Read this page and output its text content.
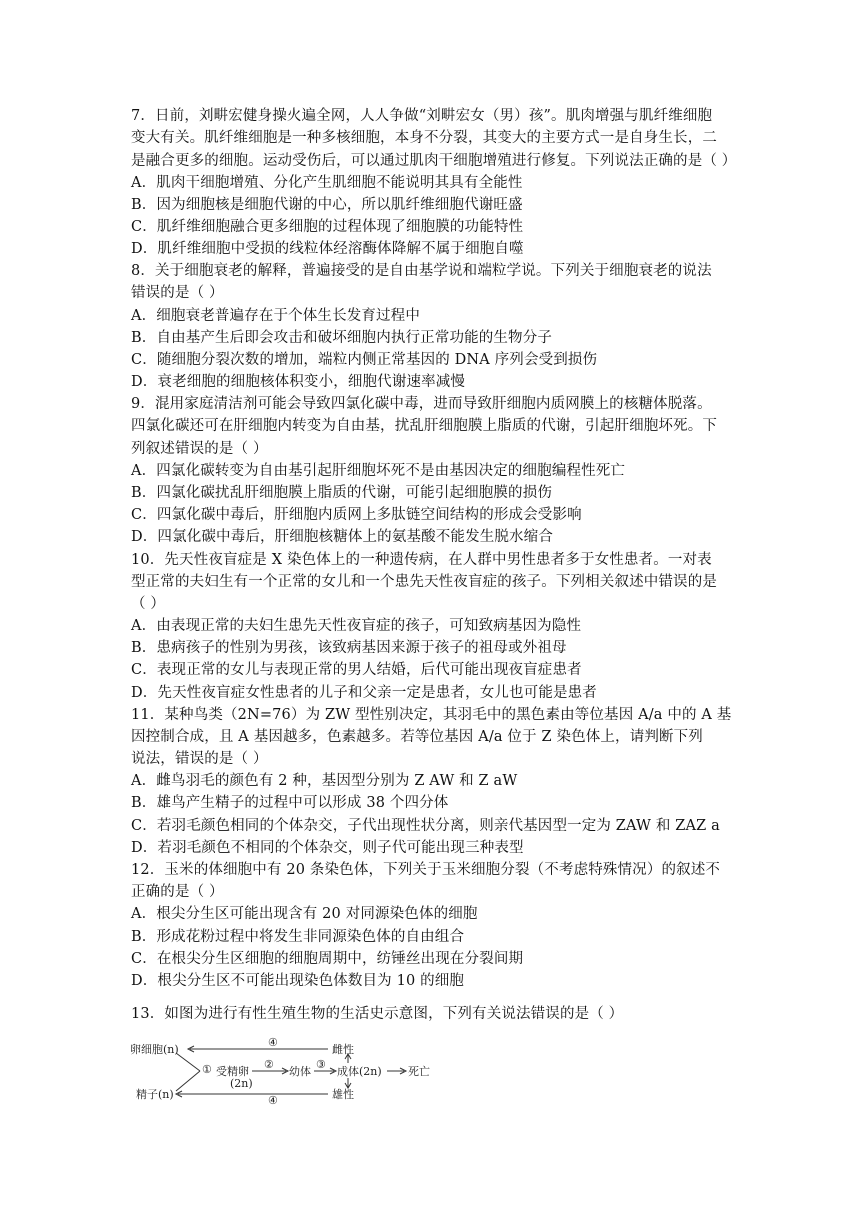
7．日前，刘畊宏健身操火遍全网，人人争做“刘畊宏女（男）孩”。肌肉增强与肌纤维细胞
变大有关。肌纤维细胞是一种多核细胞，本身不分裂，其变大的主要方式一是自身生长，二
是融合更多的细胞。运动受伤后，可以通过肌肉干细胞增殖进行修复。下列说法正确的是（ ）
A．肌肉干细胞增殖、分化产生肌细胞不能说明其具有全能性
B．因为细胞核是细胞代谢的中心，所以肌纤维细胞代谢旺盛
C．肌纤维细胞融合更多细胞的过程体现了细胞膜的功能特性
D．肌纤维细胞中受损的线粒体经溶酶体降解不属于细胞自噬
8．关于细胞衰老的解释，普遍接受的是自由基学说和端粒学说。下列关于细胞衰老的说法
错误的是（ ）
A．细胞衰老普遍存在于个体生长发育过程中
B．自由基产生后即会攻击和破坏细胞内执行正常功能的生物分子
C．随细胞分裂次数的增加，端粒内侧正常基因的 DNA 序列会受到损伤
D．衰老细胞的细胞核体积变小，细胞代谢速率减慢
9．混用家庭清洁剂可能会导致四氯化碳中毒，进而导致肝细胞内质网膜上的核糖体脱落。
四氯化碳还可在肝细胞内转变为自由基，扰乱肝细胞膜上脂质的代谢，引起肝细胞坏死。下
列叙述错误的是（ ）
A．四氯化碳转变为自由基引起肝细胞坏死不是由基因决定的细胞编程性死亡
B．四氯化碳扰乱肝细胞膜上脂质的代谢，可能引起细胞膜的损伤
C．四氯化碳中毒后，肝细胞内质网上多肽链空间结构的形成会受影响
D．四氯化碳中毒后，肝细胞核糖体上的氨基酸不能发生脱水缩合
10．先天性夜盲症是 X 染色体上的一种遗传病，在人群中男性患者多于女性患者。一对表
型正常的夫妇生有一个正常的女儿和一个患先天性夜盲症的孩子。下列相关叙述中错误的是
（ ）
A．由表现正常的夫妇生患先天性夜盲症的孩子，可知致病基因为隐性
B．患病孩子的性别为男孩，该致病基因来源于孩子的祖母或外祖母
C．表现正常的女儿与表现正常的男人结婚，后代可能出现夜盲症患者
D．先天性夜盲症女性患者的儿子和父亲一定是患者，女儿也可能是患者
11．某种鸟类（2N=76）为 ZW 型性别决定，其羽毛中的黑色素由等位基因 A/a 中的 A 基
因控制合成，且 A 基因越多，色素越多。若等位基因 A/a 位于 Z 染色体上，请判断下列
说法，错误的是（ ）
A．雌鸟羽毛的颜色有 2 种，基因型分别为 Z AW 和 Z aW
B．雄鸟产生精子的过程中可以形成 38 个四分体
C．若羽毛颜色相同的个体杂交，子代出现性状分离，则亲代基因型一定为 ZAW 和 ZAZ a
D．若羽毛颜色不相同的个体杂交，则子代可能出现三种表型
12．玉米的体细胞中有 20 条染色体，下列关于玉米细胞分裂（不考虑特殊情况）的叙述不
正确的是（ ）
A．根尖分生区可能出现含有 20 对同源染色体的细胞
B．形成花粉过程中将发生非同源染色体的自由组合
C．在根尖分生区细胞的细胞周期中，纺锤丝出现在分裂间期
D．根尖分生区不可能出现染色体数目为 10 的细胞
13．如图为进行有性生殖生物的生活史示意图，下列有关说法错误的是（ ）
④
卵细胞(n)	雌性
④
精子(n)	雄性
① 受精卵
(2n)
②
幼体
③
成体(2n) 死亡
